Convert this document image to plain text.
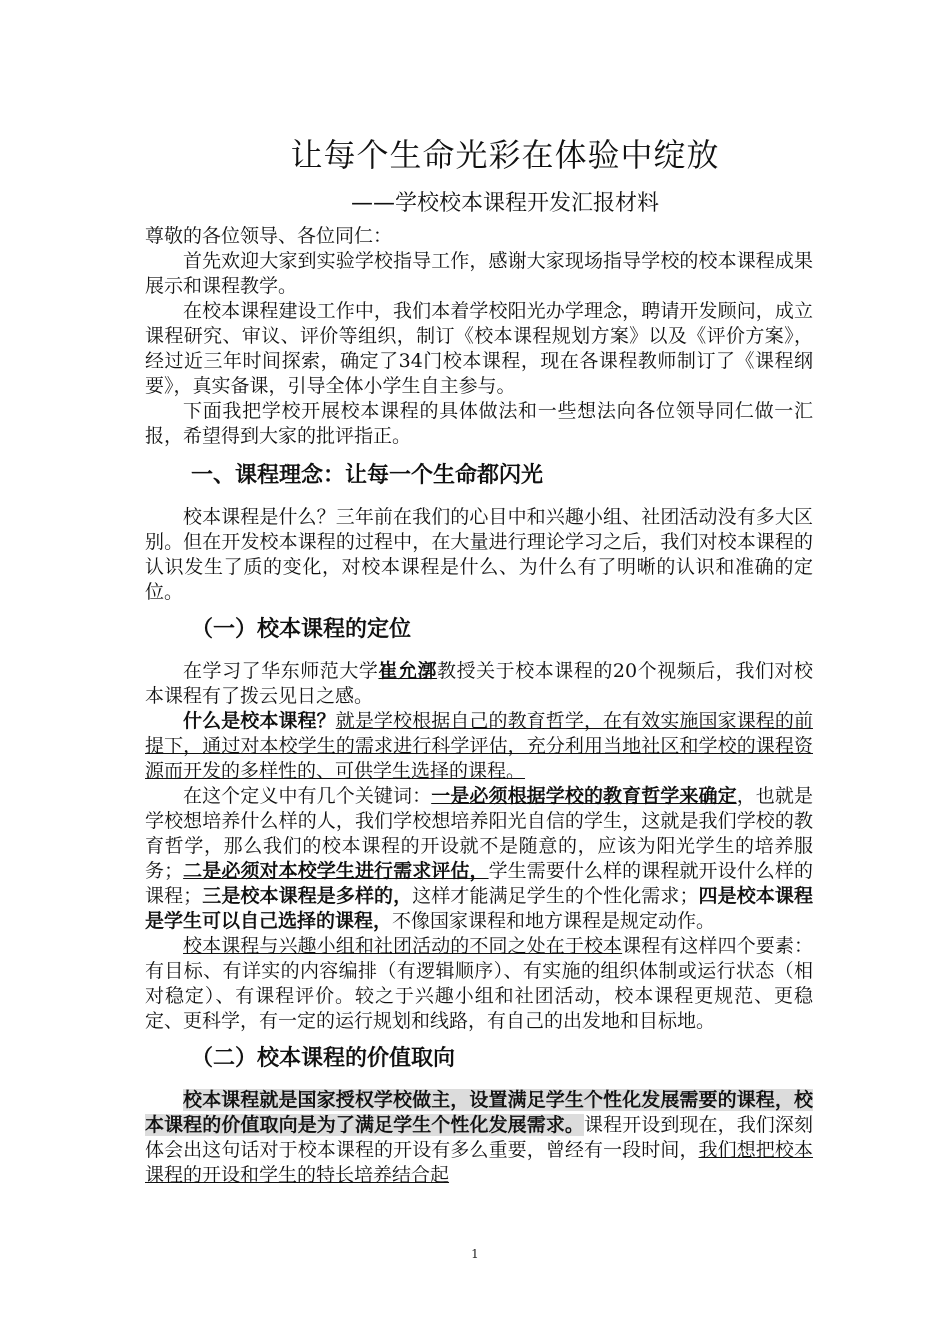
让每个生命光彩在体验中绽放
——学校校本课程开发汇报材料

尊敬的各位领导、各位同仁：

首先欢迎大家到实验学校指导工作，感谢大家现场指导学校的校本课程成果展示和课程教学。

在校本课程建设工作中，我们本着学校阳光办学理念，聘请开发顾问，成立课程研究、审议、评价等组织，制订《校本课程规划方案》以及《评价方案》，经过近三年时间探索，确定了34门校本课程，现在各课程教师制订了《课程纲要》，真实备课，引导全体小学生自主参与。

下面我把学校开展校本课程的具体做法和一些想法向各位领导同仁做一汇报，希望得到大家的批评指正。

一、课程理念：让每一个生命都闪光

校本课程是什么？三年前在我们的心目中和兴趣小组、社团活动没有多大区别。但在开发校本课程的过程中，在大量进行理论学习之后，我们对校本课程的认识发生了质的变化，对校本课程是什么、为什么有了明晰的认识和准确的定位。

（一）校本课程的定位

在学习了华东师范大学崔允漷教授关于校本课程的20个视频后，我们对校本课程有了拨云见日之感。

什么是校本课程？就是学校根据自己的教育哲学，在有效实施国家课程的前提下，通过对本校学生的需求进行科学评估，充分利用当地社区和学校的课程资源而开发的多样性的、可供学生选择的课程。

在这个定义中有几个关键词：一是必须根据学校的教育哲学来确定，也就是学校想培养什么样的人，我们学校想培养阳光自信的学生，这就是我们学校的教育哲学，那么我们的校本课程的开设就不是随意的，应该为阳光学生的培养服务；二是必须对本校学生进行需求评估，学生需要什么样的课程就开设什么样的课程；三是校本课程是多样的，这样才能满足学生的个性化需求；四是校本课程是学生可以自己选择的课程，不像国家课程和地方课程是规定动作。

校本课程与兴趣小组和社团活动的不同之处在于校本课程有这样四个要素：有目标、有详实的内容编排（有逻辑顺序）、有实施的组织体制或运行状态（相对稳定）、有课程评价。较之于兴趣小组和社团活动，校本课程更规范、更稳定、更科学，有一定的运行规划和线路，有自己的出发地和目标地。

（二）校本课程的价值取向

校本课程就是国家授权学校做主，设置满足学生个性化发展需要的课程，校本课程的价值取向是为了满足学生个性化发展需求。课程开设到现在，我们深刻体会出这句话对于校本课程的开设有多么重要，曾经有一段时间，我们想把校本课程的开设和学生的特长培养结合起

1
